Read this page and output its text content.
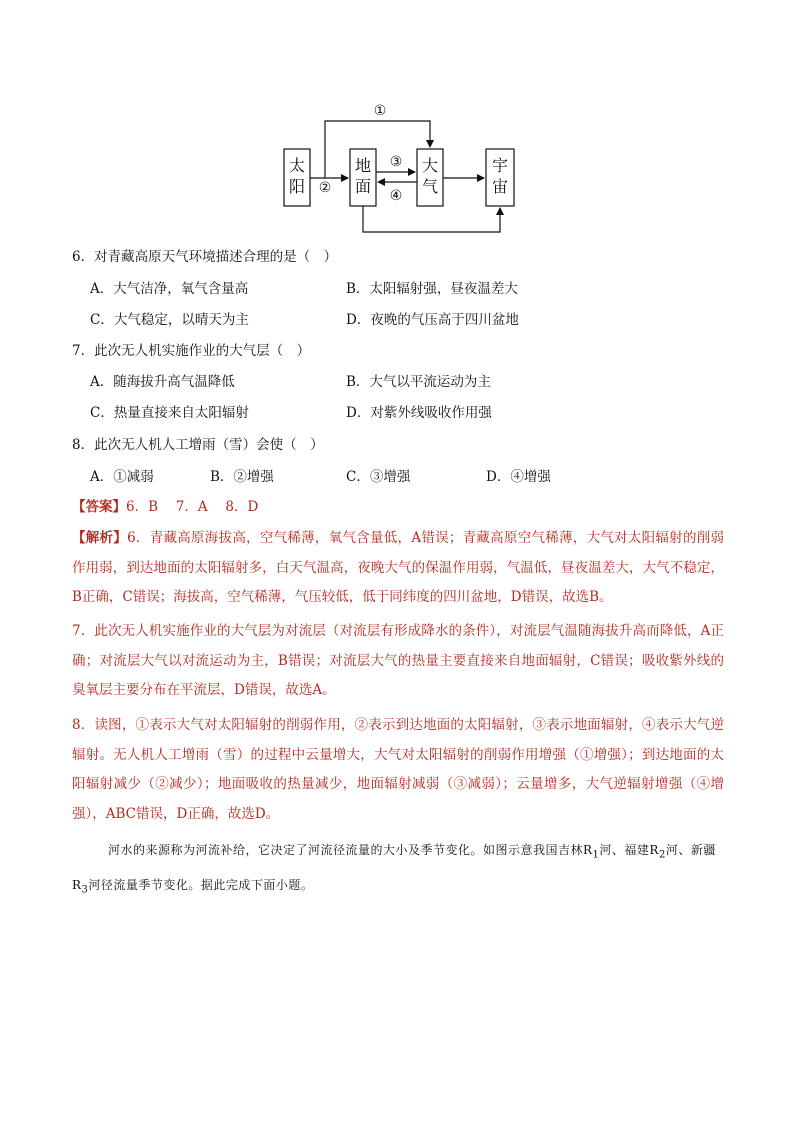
太
阳
地
面
大
气
宇
宙
①
②
③
④
6．对青藏高原天气环境描述合理的是（　）
A．大气洁净，氧气含量高	B．太阳辐射强，昼夜温差大
C．大气稳定，以晴天为主	D．夜晚的气压高于四川盆地
7．此次无人机实施作业的大气层（　）
A．随海拔升高气温降低	B．大气以平流运动为主
C．热量直接来自太阳辐射	D．对紫外线吸收作用强
8．此次无人机人工增雨（雪）会使（　）
A．①减弱	B．②增强	C．③增强	D．④增强
【答案】6．B　 7．A　 8．D
【解析】6．青藏高原海拔高，空气稀薄，氧气含量低，A错误；青藏高原空气稀薄，大气对太阳辐射的削弱作用弱，到达地面的太阳辐射多，白天气温高，夜晚大气的保温作用弱，气温低，昼夜温差大，大气不稳定，B正确，C错误；海拔高，空气稀薄，气压较低，低于同纬度的四川盆地，D错误，故选B。
7．此次无人机实施作业的大气层为对流层（对流层有形成降水的条件），对流层气温随海拔升高而降低，A正确；对流层大气以对流运动为主，B错误；对流层大气的热量主要直接来自地面辐射，C错误；吸收紫外线的臭氧层主要分布在平流层，D错误，故选A。
8．读图，①表示大气对太阳辐射的削弱作用，②表示到达地面的太阳辐射，③表示地面辐射，④表示大气逆辐射。无人机人工增雨（雪）的过程中云量增大，大气对太阳辐射的削弱作用增强（①增强）；到达地面的太阳辐射减少（②减少）；地面吸收的热量减少，地面辐射减弱（③减弱）；云量增多，大气逆辐射增强（④增强），ABC错误，D正确，故选D。
河水的来源称为河流补给，它决定了河流径流量的大小及季节变化。如图示意我国吉林$R_1$河、福建$R_2$河、新疆$R_3$河径流量季节变化。据此完成下面小题。
